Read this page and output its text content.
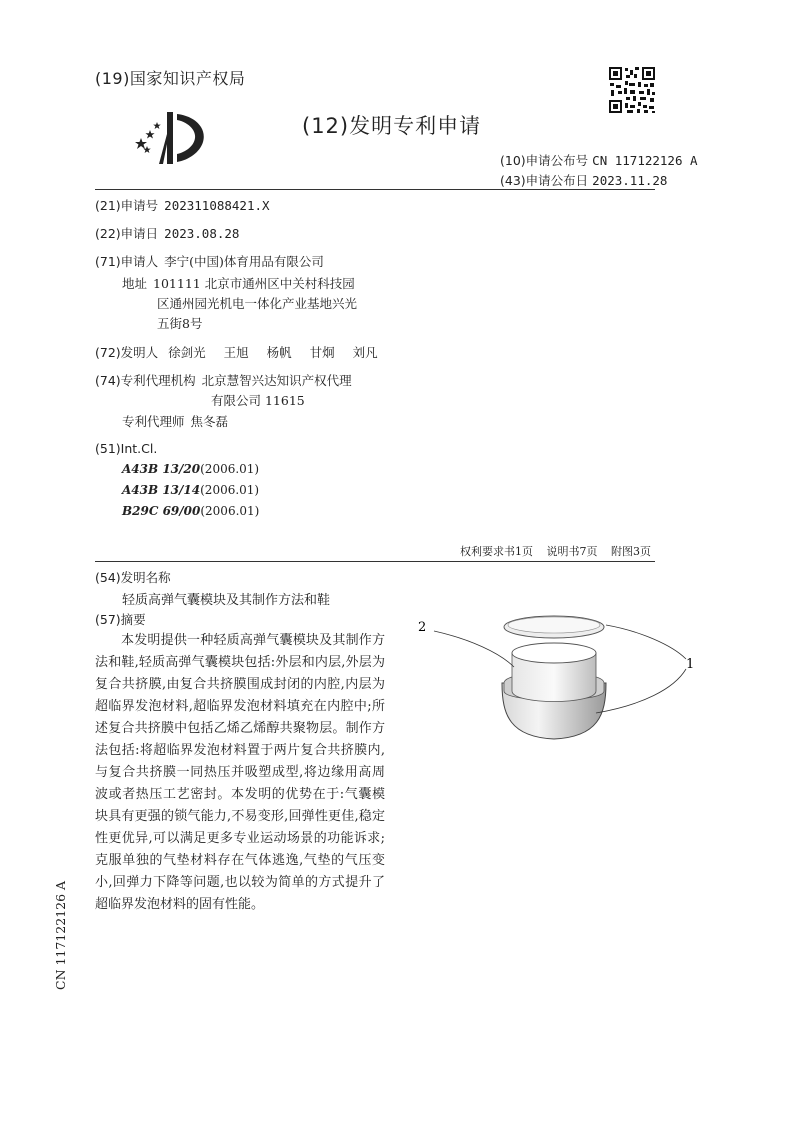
(19)国家知识产权局
(12)发明专利申请
(10)申请公布号 CN 117122126 A
(43)申请公布日 2023.11.28
(21)申请号 202311088421.X
(22)申请日 2023.08.28
(71)申请人 李宁(中国)体育用品有限公司
地址 101111 北京市通州区中关村科技园
区通州园光机电一体化产业基地兴光
五街8号
(72)发明人 徐剑光 王旭 杨帆 甘炯 刘凡
(74)专利代理机构 北京慧智兴达知识产权代理
有限公司 11615
专利代理师 焦冬磊
(51)Int.Cl.
A43B 13/20(2006.01)
A43B 13/14(2006.01)
B29C 69/00(2006.01)
权利要求书1页 说明书7页 附图3页
(54)发明名称
轻质高弹气囊模块及其制作方法和鞋
(57)摘要
本发明提供一种轻质高弹气囊模块及其制作方法和鞋,轻质高弹气囊模块包括:外层和内层,外层为复合共挤膜,由复合共挤膜围成封闭的内腔,内层为超临界发泡材料,超临界发泡材料填充在内腔中;所述复合共挤膜中包括乙烯乙烯醇共聚物层。制作方法包括:将超临界发泡材料置于两片复合共挤膜内,与复合共挤膜一同热压并吸塑成型,将边缘用高周波或者热压工艺密封。本发明的优势在于:气囊模块具有更强的锁气能力,不易变形,回弹性更佳,稳定性更优异,可以满足更多专业运动场景的功能诉求;克服单独的气垫材料存在气体逃逸,气垫的气压变小,回弹力下降等问题,也以较为简单的方式提升了超临界发泡材料的固有性能。
2
1
CN 117122126 A
